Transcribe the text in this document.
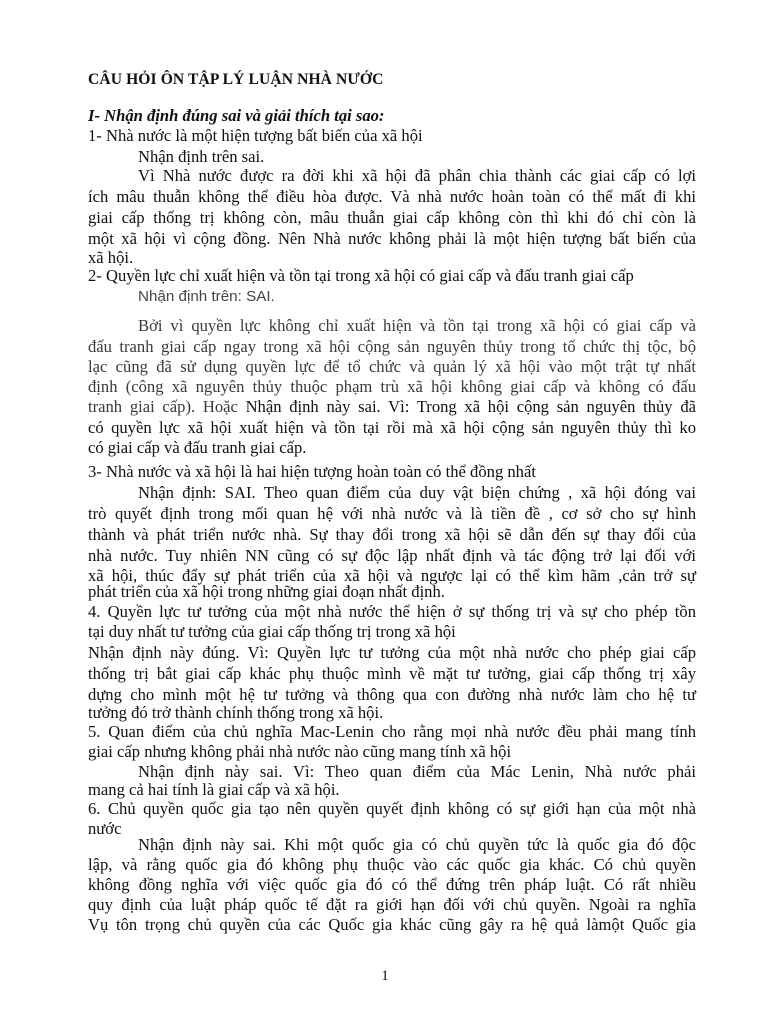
CÂU HỎI ÔN TẬP LÝ LUẬN NHÀ NƯỚC
I- Nhận định đúng sai và giải thích tại sao:
1- Nhà nước là một hiện tượng bất biến của xã hội
Nhận định trên sai.
Vì Nhà nước được ra đời khi xã hội đã phân chia thành các giai cấp có lợi
ích mâu thuẫn không thể điều hòa được. Và nhà nước hoàn toàn có thể mất đi khi
giai cấp thống trị không còn, mâu thuẫn giai cấp không còn thì khi đó chỉ còn là
một xã hội vì cộng đồng. Nên Nhà nước không phải là một hiện tượng bất biến của
xã hội.
2- Quyền lực chỉ xuất hiện và tồn tại trong xã hội có giai cấp và đấu tranh giai cấp
Nhận định trên: SAI.
Bởi vì quyền lực không chỉ xuất hiện và tồn tại trong xã hội có giai cấp và
đấu tranh giai cấp ngay trong xã hội cộng sản nguyên thủy trong tổ chức thị tộc, bộ
lạc cũng đã sử dụng quyền lực để tổ chức và quản lý xã hội vào một trật tự nhất
định (công xã nguyên thủy thuộc phạm trù xã hội không giai cấp và không có đấu
tranh giai cấp). Hoặc Nhận định này sai. Vì: Trong xã hội cộng sản nguyên thủy đã
có quyền lực xã hội xuất hiện và tồn tại rồi mà xã hội cộng sản nguyên thủy thì ko
có giai cấp và đấu tranh giai cấp.
3- Nhà nước và xã hội là hai hiện tượng hoàn toàn có thể đồng nhất
Nhận định: SAI. Theo quan điểm của duy vật biện chứng , xã hội đóng vai
trò quyết định trong mối quan hệ với nhà nước và là tiền đề , cơ sở cho sự hình
thành và phát triển nước nhà. Sự thay đổi trong xã hội sẽ dẫn đến sự thay đổi của
nhà nước. Tuy nhiên NN cũng có sự độc lập nhất định và tác động trở lại đối với
xã hội, thúc đẩy sự phát triển của xã hội và ngược lại có thể kìm hãm ,cản trở sự
phát triển của xã hội trong những giai đoạn nhất định.
4. Quyền lực tư tưởng của một nhà nước thể hiện ở sự thống trị và sự cho phép tồn
tại duy nhất tư tưởng của giai cấp thống trị trong xã hội
Nhận định này đúng. Vì: Quyền lực tư tưởng của một nhà nước cho phép giai cấp
thống trị bắt giai cấp khác phụ thuộc mình về mặt tư tưởng, giai cấp thống trị xây
dựng cho mình một hệ tư tưởng và thông qua con đường nhà nước làm cho hệ tư
tưởng đó trở thành chính thống trong xã hội.
5. Quan điểm của chủ nghĩa Mac-Lenin cho rằng mọi nhà nước đều phải mang tính
giai cấp nhưng không phải nhà nước nào cũng mang tính xã hội
Nhận định này sai. Vì: Theo quan điểm của Mác Lenin, Nhà nước phải
mang cả hai tính là giai cấp và xã hội.
6. Chủ quyền quốc gia tạo nên quyền quyết định không có sự giới hạn của một nhà
nước
Nhận định này sai. Khi một quốc gia có chủ quyền tức là quốc gia đó độc
lập, và rằng quốc gia đó không phụ thuộc vào các quốc gia khác. Có chủ quyền
không đồng nghĩa với việc quốc gia đó có thể đứng trên pháp luật. Có rất nhiều
quy định của luật pháp quốc tế đặt ra giới hạn đối với chủ quyền. Ngoài ra nghĩa
Vụ tôn trọng chủ quyền của các Quốc gia khác cũng gây ra hệ quả làmột Quốc gia
1
